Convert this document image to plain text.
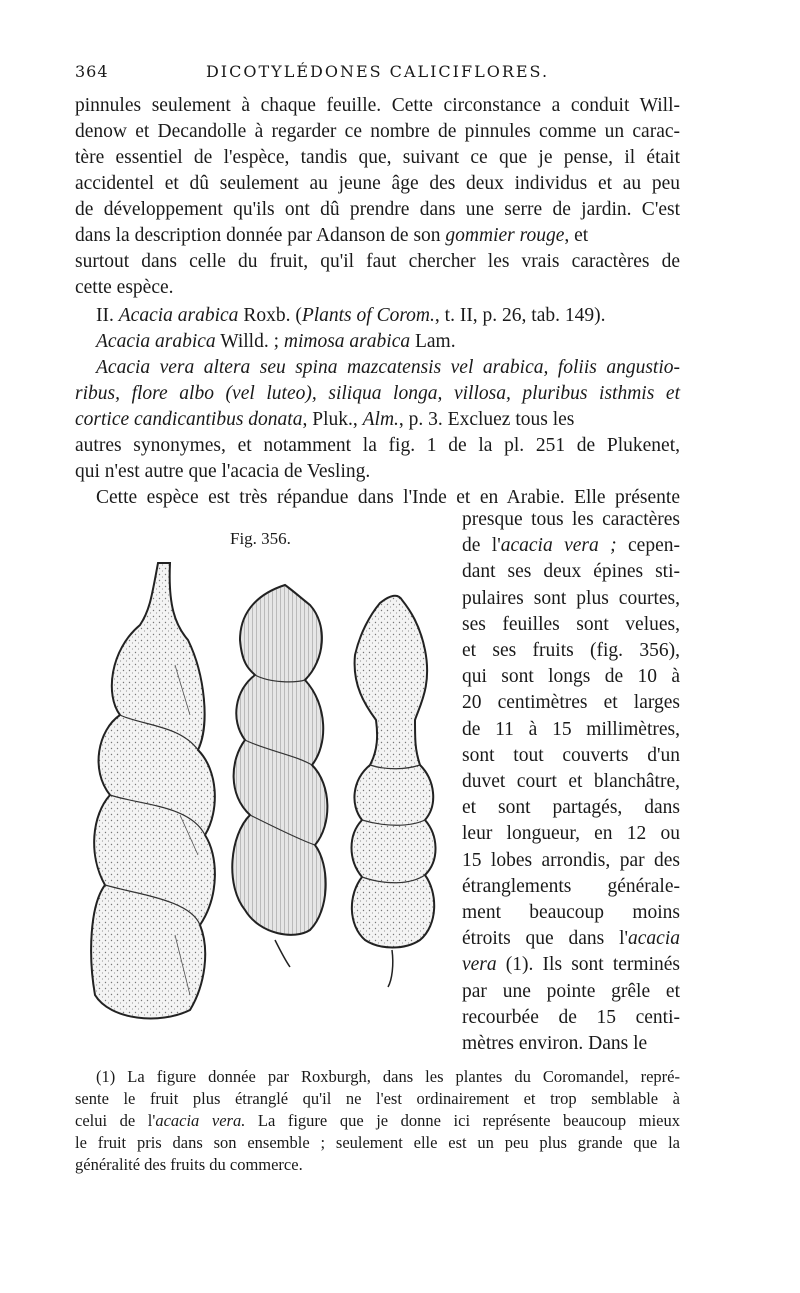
364	DICOTYLÉDONES CALICIFLORES.
pinnules seulement à chaque feuille. Cette circonstance a conduit Will-
denow et Decandolle à regarder ce nombre de pinnules comme un carac-
tère essentiel de l'espèce, tandis que, suivant ce que je pense, il était
accidentel et dû seulement au jeune âge des deux individus et au peu
de développement qu'ils ont dû prendre dans une serre de jardin. C'est
dans la description donnée par Adanson de son gommier rouge, et
surtout dans celle du fruit, qu'il faut chercher les vrais caractères de
cette espèce.
II. Acacia arabica Roxb. (Plants of Corom., t. II, p. 26, tab. 149).
Acacia arabica Willd. ; mimosa arabica Lam.
Acacia vera altera seu spina mazcatensis vel arabica, foliis angustio-
ribus, flore albo (vel luteo), siliqua longa, villosa, pluribus isthmis et
cortice candicantibus donata, Pluk., Alm., p. 3. Excluez tous les
autres synonymes, et notamment la fig. 1 de la pl. 251 de Plukenet,
qui n'est autre que l'acacia de Vesling.
Cette espèce est très répandue dans l'Inde et en Arabie. Elle présente
presque tous les caractères
de l'acacia vera ; cepen-
dant ses deux épines sti-
pulaires sont plus courtes,
ses feuilles sont velues,
et ses fruits (fig. 356),
qui sont longs de 10 à
20 centimètres et larges
de 11 à 15 millimètres,
sont tout couverts d'un
duvet court et blanchâtre,
et sont partagés, dans
leur longueur, en 12 ou
15 lobes arrondis, par des
étranglements générale-
ment beaucoup moins
étroits que dans l'acacia
vera (1). Ils sont terminés
par une pointe grêle et
recourbée de 15 centi-
mètres environ. Dans le
Fig. 356.
(1) La figure donnée par Roxburgh, dans les plantes du Coromandel, repré-
sente le fruit plus étranglé qu'il ne l'est ordinairement et trop semblable à
celui de l'acacia vera. La figure que je donne ici représente beaucoup mieux
le fruit pris dans son ensemble ; seulement elle est un peu plus grande que la
généralité des fruits du commerce.
